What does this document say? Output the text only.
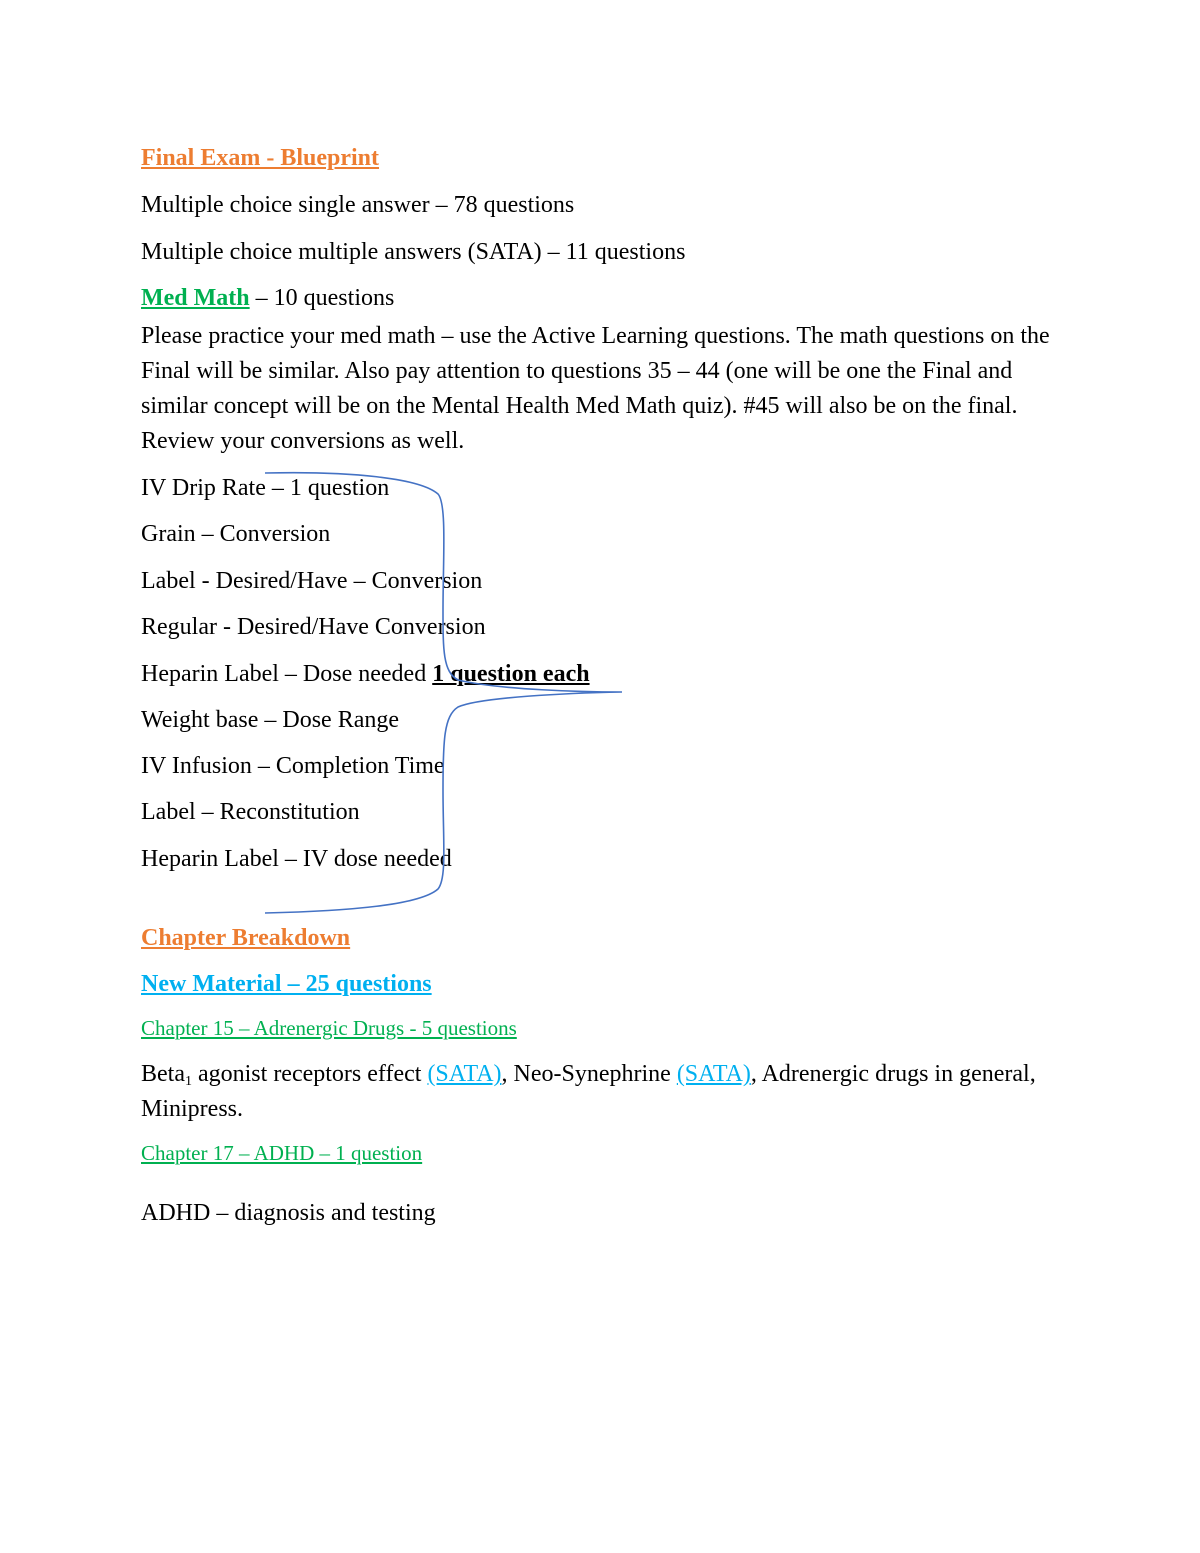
Final Exam - Blueprint
Multiple choice single answer – 78 questions
Multiple choice multiple answers (SATA) – 11 questions
Med Math – 10 questions
Please practice your med math – use the Active Learning questions. The math questions on the Final will be similar. Also pay attention to questions 35 – 44 (one will be one the Final and similar concept will be on the Mental Health Med Math quiz). #45 will also be on the final. Review your conversions as well.
IV Drip Rate – 1 question
Grain – Conversion
Label - Desired/Have – Conversion
Regular - Desired/Have Conversion
Heparin Label – Dose needed 1 question each
Weight base – Dose Range
IV Infusion – Completion Time
Label – Reconstitution
Heparin Label – IV dose needed
Chapter Breakdown
New Material – 25 questions
Chapter 15 – Adrenergic Drugs - 5 questions
Beta$_1$ agonist receptors effect (SATA), Neo-Synephrine (SATA), Adrenergic drugs in general, Minipress.
Chapter 17 – ADHD – 1 question
ADHD – diagnosis and testing
